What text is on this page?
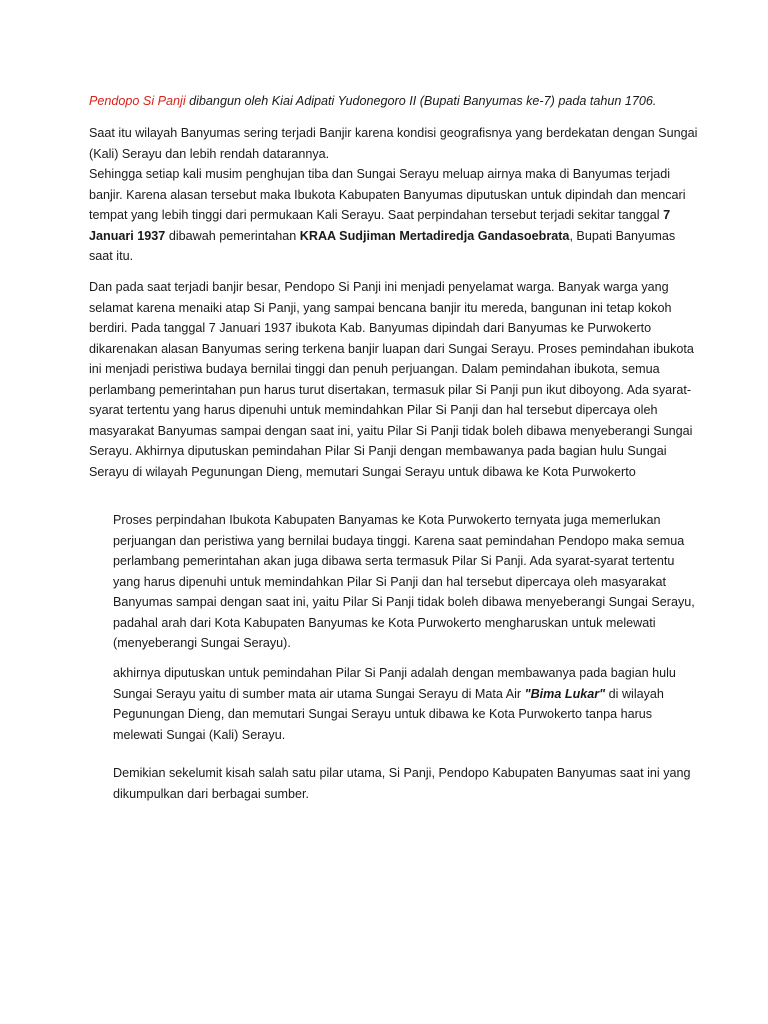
Pendopo Si Panji dibangun oleh Kiai Adipati Yudonegoro II (Bupati Banyumas ke-7) pada tahun 1706.

Saat itu wilayah Banyumas sering terjadi Banjir karena kondisi geografisnya yang berdekatan dengan Sungai (Kali) Serayu dan lebih rendah datarannya.
Sehingga setiap kali musim penghujan tiba dan Sungai Serayu meluap airnya maka di Banyumas terjadi banjir. Karena alasan tersebut maka Ibukota Kabupaten Banyumas diputuskan untuk dipindah dan mencari tempat yang lebih tinggi dari permukaan Kali Serayu. Saat perpindahan tersebut terjadi sekitar tanggal 7 Januari 1937 dibawah pemerintahan KRAA Sudjiman Mertadiredja Gandasoebrata, Bupati Banyumas saat itu.

Dan pada saat terjadi banjir besar, Pendopo Si Panji ini menjadi penyelamat warga. Banyak warga yang selamat karena menaiki atap Si Panji, yang sampai bencana banjir itu mereda, bangunan ini tetap kokoh berdiri. Pada tanggal 7 Januari 1937 ibukota Kab. Banyumas dipindah dari Banyumas ke Purwokerto dikarenakan alasan Banyumas sering terkena banjir luapan dari Sungai Serayu. Proses pemindahan ibukota ini menjadi peristiwa budaya bernilai tinggi dan penuh perjuangan. Dalam pemindahan ibukota, semua perlambang pemerintahan pun harus turut disertakan, termasuk pilar Si Panji pun ikut diboyong. Ada syarat-syarat tertentu yang harus dipenuhi untuk memindahkan Pilar Si Panji dan hal tersebut dipercaya oleh masyarakat Banyumas sampai dengan saat ini, yaitu Pilar Si Panji tidak boleh dibawa menyeberangi Sungai Serayu. Akhirnya diputuskan pemindahan Pilar Si Panji dengan membawanya pada bagian hulu Sungai Serayu di wilayah Pegunungan Dieng, memutari Sungai Serayu untuk dibawa ke Kota Purwokerto

Proses perpindahan Ibukota Kabupaten Banyamas ke Kota Purwokerto ternyata juga memerlukan perjuangan dan peristiwa yang bernilai budaya tinggi. Karena saat pemindahan Pendopo maka semua perlambang pemerintahan akan juga dibawa serta termasuk Pilar Si Panji. Ada syarat-syarat tertentu yang harus dipenuhi untuk memindahkan Pilar Si Panji dan hal tersebut dipercaya oleh masyarakat Banyumas sampai dengan saat ini, yaitu Pilar Si Panji tidak boleh dibawa menyeberangi Sungai Serayu, padahal arah dari Kota Kabupaten Banyumas ke Kota Purwokerto mengharuskan untuk melewati (menyeberangi Sungai Serayu).

akhirnya diputuskan untuk pemindahan Pilar Si Panji adalah dengan membawanya pada bagian hulu Sungai Serayu yaitu di sumber mata air utama Sungai Serayu di Mata Air "Bima Lukar" di wilayah Pegunungan Dieng, dan memutari Sungai Serayu untuk dibawa ke Kota Purwokerto tanpa harus melewati Sungai (Kali) Serayu.

Demikian sekelumit kisah salah satu pilar utama, Si Panji, Pendopo Kabupaten Banyumas saat ini yang dikumpulkan dari berbagai sumber.
